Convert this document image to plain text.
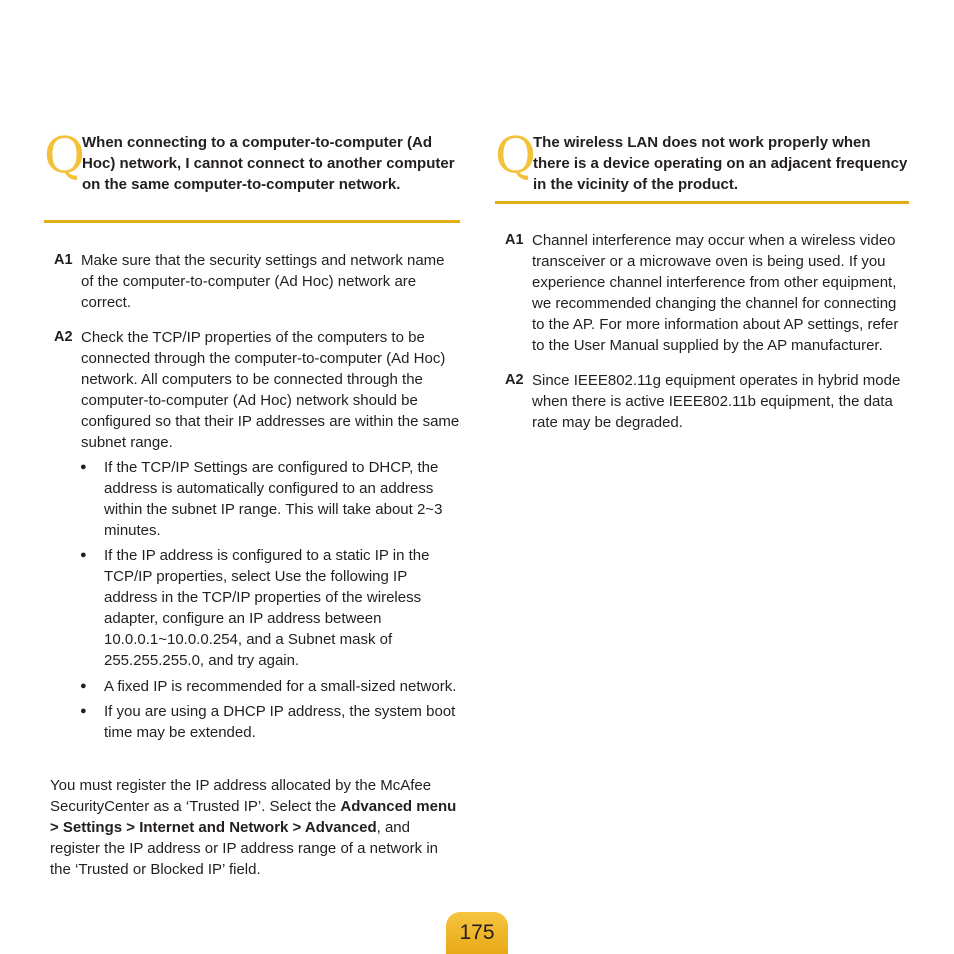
Q
When connecting to a computer-to-computer (Ad Hoc) network, I cannot connect to another computer on the same computer-to-computer network.
A1 Make sure that the security settings and network name of the computer-to-computer (Ad Hoc) network are correct.
A2 Check the TCP/IP properties of the computers to be connected through the computer-to-computer (Ad Hoc) network. All computers to be connected through the computer-to-computer (Ad Hoc) network should be configured so that their IP addresses are within the same subnet range.
● If the TCP/IP Settings are configured to DHCP, the address is automatically configured to an address within the subnet IP range. This will take about 2~3 minutes.
● If the IP address is configured to a static IP in the TCP/IP properties, select Use the following IP address in the TCP/IP properties of the wireless adapter, configure an IP address between 10.0.0.1~10.0.0.254, and a Subnet mask of 255.255.255.0, and try again.
● A fixed IP is recommended for a small-sized network.
● If you are using a DHCP IP address, the system boot time may be extended.
You must register the IP address allocated by the McAfee SecurityCenter as a ‘Trusted IP’. Select the Advanced menu > Settings > Internet and Network > Advanced, and register the IP address or IP address range of a network in the ‘Trusted or Blocked IP’ field.
Q
The wireless LAN does not work properly when there is a device operating on an adjacent frequency in the vicinity of the product.
A1 Channel interference may occur when a wireless video transceiver or a microwave oven is being used. If you experience channel interference from other equipment, we recommended changing the channel for connecting to the AP. For more information about AP settings, refer to the User Manual supplied by the AP manufacturer.
A2 Since IEEE802.11g equipment operates in hybrid mode when there is active IEEE802.11b equipment, the data rate may be degraded.
175
